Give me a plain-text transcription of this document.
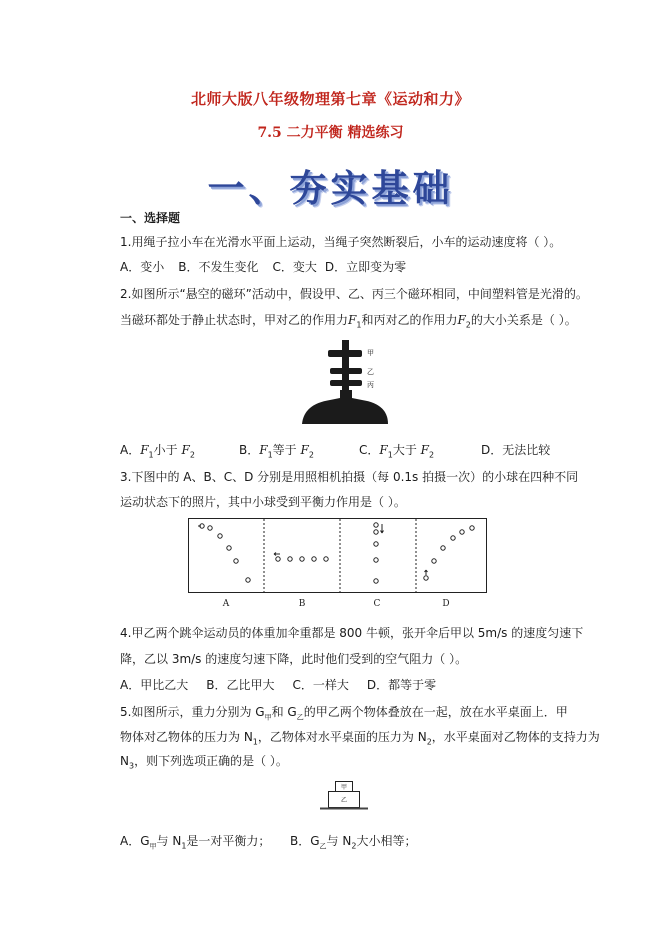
北师大版八年级物理第七章《运动和力》
7.5 二力平衡 精选练习
一、夯实基础
一、选择题
1.用绳子拉小车在光滑水平面上运动，当绳子突然断裂后，小车的运动速度将（ ）。
A．变小 B．不发生变化 C．变大 D．立即变为零
2.如图所示“悬空的磁环”活动中，假设甲、乙、丙三个磁环相同，中间塑料管是光滑的。
当磁环都处于静止状态时，甲对乙的作用力$F_1$和丙对乙的作用力$F_2$的大小关系是（ ）。
甲
乙
丙
A．$F_1$小于 $F_2$	B．$F_1$等于 $F_2$	C．$F_1$大于 $F_2$	D．无法比较
3.下图中的 A、B、C、D 分别是用照相机拍摄（每 0.1s 拍摄一次）的小球在四种不同
运动状态下的照片，其中小球受到平衡力作用是（ ）。
A	B	C	D
4.甲乙两个跳伞运动员的体重加伞重都是 800 牛顿，张开伞后甲以 5m/s 的速度匀速下
降，乙以 3m/s 的速度匀速下降，此时他们受到的空气阻力（ ）。
A．甲比乙大 B．乙比甲大 C．一样大 D．都等于零
5.如图所示，重力分别为 $G_甲$和 $G_乙$的甲乙两个物体叠放在一起，放在水平桌面上．甲
物体对乙物体的压力为 $N_1$，乙物体对水平桌面的压力为 $N_2$，水平桌面对乙物体的支持力为
$N_3$，则下列选项正确的是（ ）。
甲
乙
A．$G_甲$与 $N_1$是一对平衡力； B．$G_乙$与 $N_2$大小相等；
